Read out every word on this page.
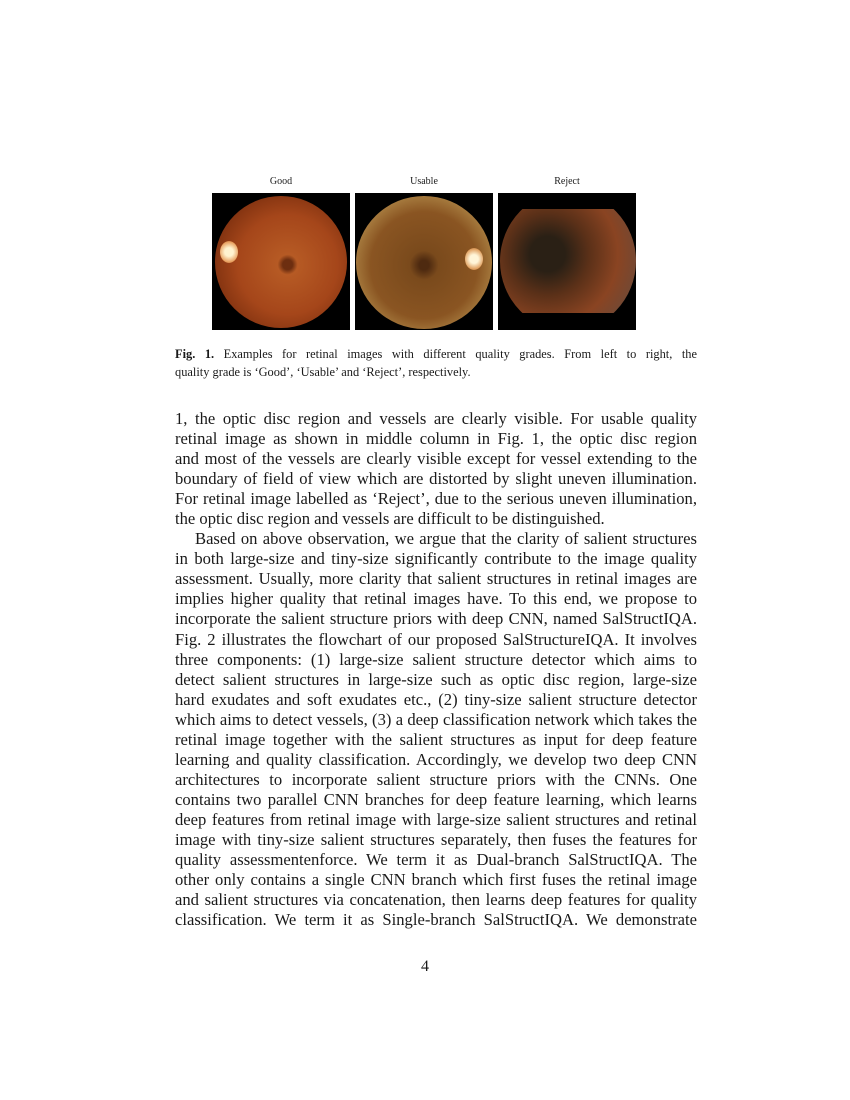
Good	Usable	Reject
Fig. 1. Examples for retinal images with different quality grades. From left to right, the
quality grade is ‘Good’, ‘Usable’ and ‘Reject’, respectively.
1, the optic disc region and vessels are clearly visible. For usable quality
retinal image as shown in middle column in Fig. 1, the optic disc region
and most of the vessels are clearly visible except for vessel extending to the
boundary of field of view which are distorted by slight uneven illumination.
For retinal image labelled as ‘Reject’, due to the serious uneven illumination,
the optic disc region and vessels are difficult to be distinguished.
Based on above observation, we argue that the clarity of salient structures
in both large-size and tiny-size significantly contribute to the image quality
assessment. Usually, more clarity that salient structures in retinal images are
implies higher quality that retinal images have. To this end, we propose to
incorporate the salient structure priors with deep CNN, named SalStructIQA.
Fig. 2 illustrates the flowchart of our proposed SalStructureIQA. It involves
three components: (1) large-size salient structure detector which aims to
detect salient structures in large-size such as optic disc region, large-size
hard exudates and soft exudates etc., (2) tiny-size salient structure detector
which aims to detect vessels, (3) a deep classification network which takes the
retinal image together with the salient structures as input for deep feature
learning and quality classification. Accordingly, we develop two deep CNN
architectures to incorporate salient structure priors with the CNNs. One
contains two parallel CNN branches for deep feature learning, which learns
deep features from retinal image with large-size salient structures and retinal
image with tiny-size salient structures separately, then fuses the features for
quality assessmentenforce. We term it as Dual-branch SalStructIQA. The
other only contains a single CNN branch which first fuses the retinal image
and salient structures via concatenation, then learns deep features for quality
classification. We term it as Single-branch SalStructIQA. We demonstrate
4
